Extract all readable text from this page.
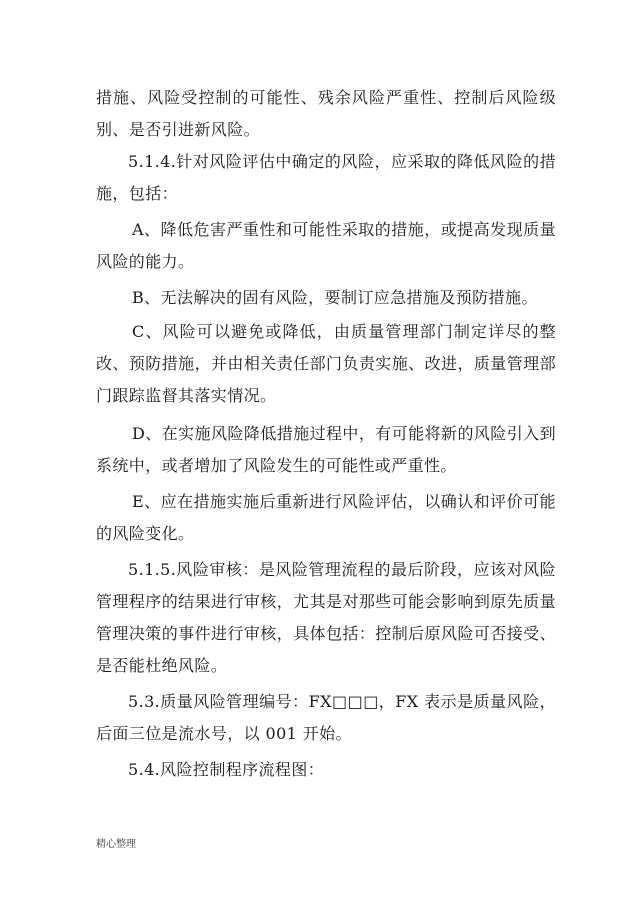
措施、风险受控制的可能性、残余风险严重性、控制后风险级别、是否引进新风险。

5.1.4.针对风险评估中确定的风险，应采取的降低风险的措施，包括：

A、降低危害严重性和可能性采取的措施，或提高发现质量风险的能力。

B、无法解决的固有风险，要制订应急措施及预防措施。

C、风险可以避免或降低，由质量管理部门制定详尽的整改、预防措施，并由相关责任部门负责实施、改进，质量管理部门跟踪监督其落实情况。

D、在实施风险降低措施过程中，有可能将新的风险引入到系统中，或者增加了风险发生的可能性或严重性。

E、应在措施实施后重新进行风险评估，以确认和评价可能的风险变化。

5.1.5.风险审核：是风险管理流程的最后阶段，应该对风险管理程序的结果进行审核，尤其是对那些可能会影响到原先质量管理决策的事件进行审核，具体包括：控制后原风险可否接受、是否能杜绝风险。

5.3.质量风险管理编号：FX□□□，FX 表示是质量风险，后面三位是流水号，以 001 开始。

5.4.风险控制程序流程图：

精心整理
